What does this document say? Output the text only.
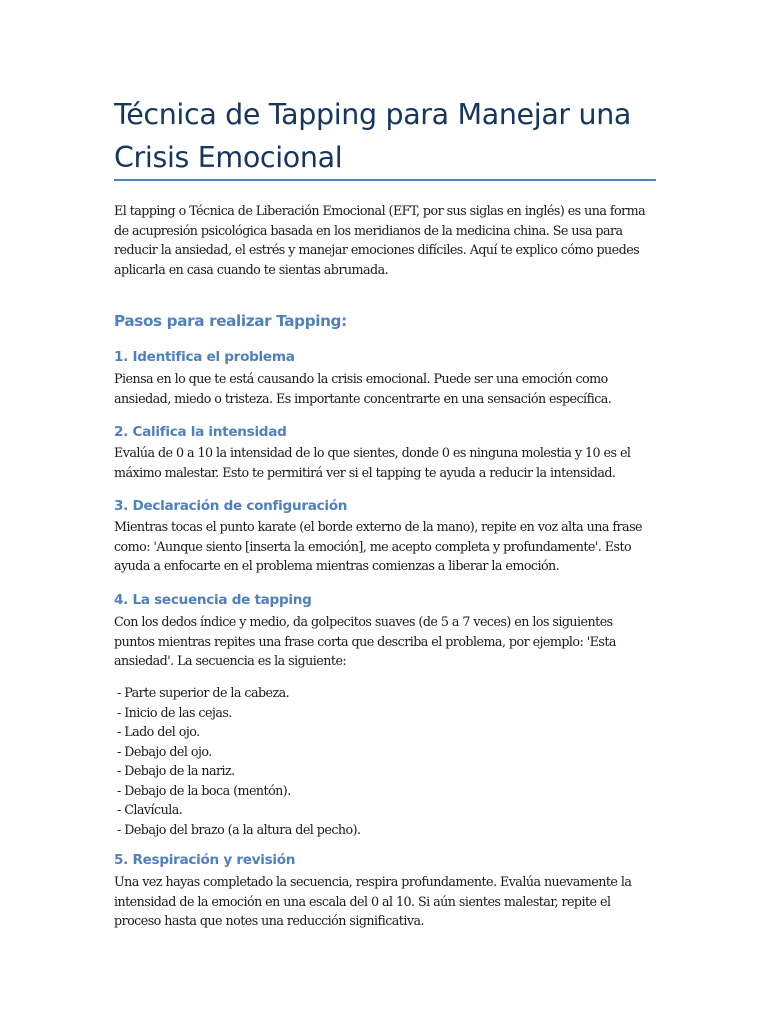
Técnica de Tapping para Manejar una Crisis Emocional

El tapping o Técnica de Liberación Emocional (EFT, por sus siglas en inglés) es una forma de acupresión psicológica basada en los meridianos de la medicina china. Se usa para reducir la ansiedad, el estrés y manejar emociones difíciles. Aquí te explico cómo puedes aplicarla en casa cuando te sientas abrumada.

Pasos para realizar Tapping:
1. Identifica el problema

Piensa en lo que te está causando la crisis emocional. Puede ser una emoción como ansiedad, miedo o tristeza. Es importante concentrarte en una sensación específica.

2. Califica la intensidad

Evalúa de 0 a 10 la intensidad de lo que sientes, donde 0 es ninguna molestia y 10 es el máximo malestar. Esto te permitirá ver si el tapping te ayuda a reducir la intensidad.

3. Declaración de configuración

Mientras tocas el punto karate (el borde externo de la mano), repite en voz alta una frase como: 'Aunque siento [inserta la emoción], me acepto completa y profundamente'. Esto ayuda a enfocarte en el problema mientras comienzas a liberar la emoción.

4. La secuencia de tapping

Con los dedos índice y medio, da golpecitos suaves (de 5 a 7 veces) en los siguientes puntos mientras repites una frase corta que describa el problema, por ejemplo: 'Esta ansiedad'. La secuencia es la siguiente:

- Parte superior de la cabeza.
- Inicio de las cejas.
- Lado del ojo.
- Debajo del ojo.
- Debajo de la nariz.
- Debajo de la boca (mentón).
- Clavícula.
- Debajo del brazo (a la altura del pecho).
5. Respiración y revisión

Una vez hayas completado la secuencia, respira profundamente. Evalúa nuevamente la intensidad de la emoción en una escala del 0 al 10. Si aún sientes malestar, repite el proceso hasta que notes una reducción significativa.
